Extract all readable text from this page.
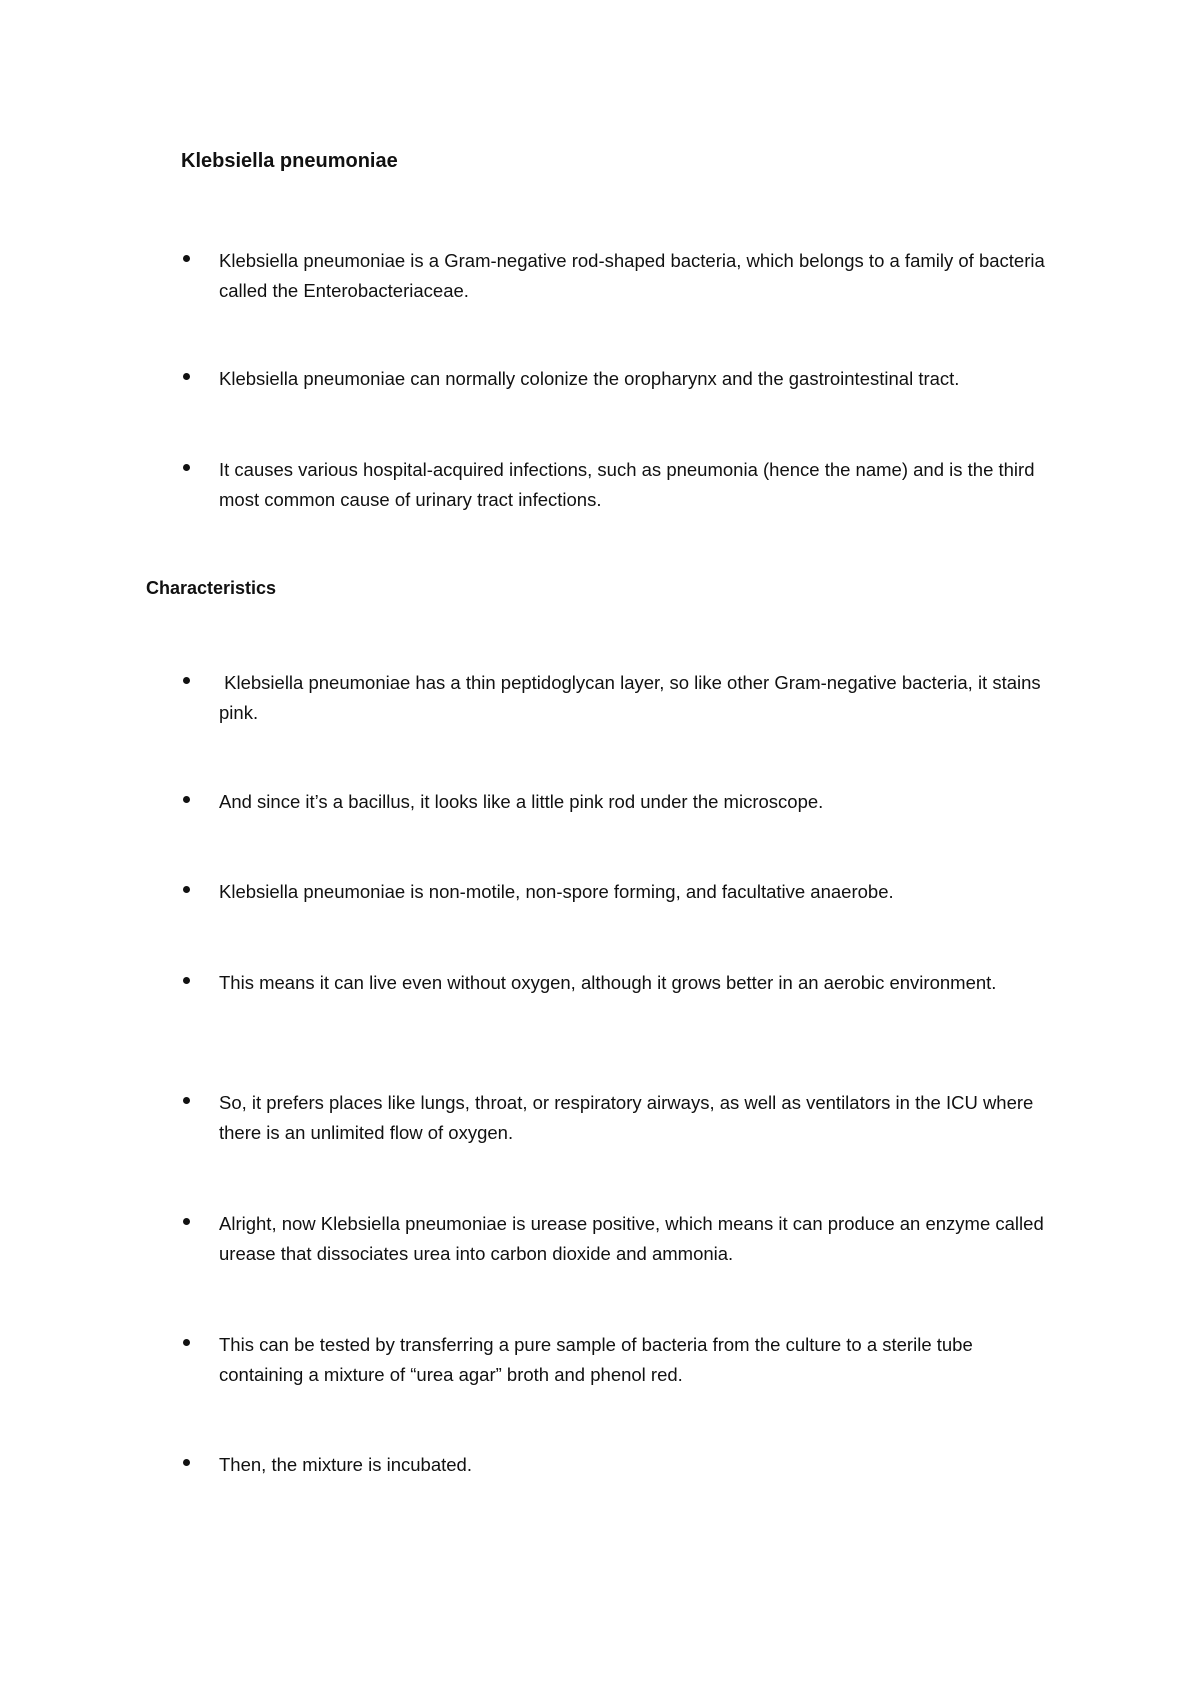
Klebsiella pneumoniae
Klebsiella pneumoniae is a Gram-negative rod-shaped bacteria, which belongs to a family of bacteria called the Enterobacteriaceae.
Klebsiella pneumoniae can normally colonize the oropharynx and the gastrointestinal tract.
It causes various hospital-acquired infections, such as pneumonia (hence the name) and is the third most common cause of urinary tract infections.
Characteristics
Klebsiella pneumoniae has a thin peptidoglycan layer, so like other Gram-negative bacteria, it stains pink.
And since it’s a bacillus, it looks like a little pink rod under the microscope.
Klebsiella pneumoniae is non-motile, non-spore forming, and facultative anaerobe.
This means it can live even without oxygen, although it grows better in an aerobic environment.
So, it prefers places like lungs, throat, or respiratory airways, as well as ventilators in the ICU where there is an unlimited flow of oxygen.
Alright, now Klebsiella pneumoniae is urease positive, which means it can produce an enzyme called urease that dissociates urea into carbon dioxide and ammonia.
This can be tested by transferring a pure sample of bacteria from the culture to a sterile tube containing a mixture of “urea agar” broth and phenol red.
Then, the mixture is incubated.
